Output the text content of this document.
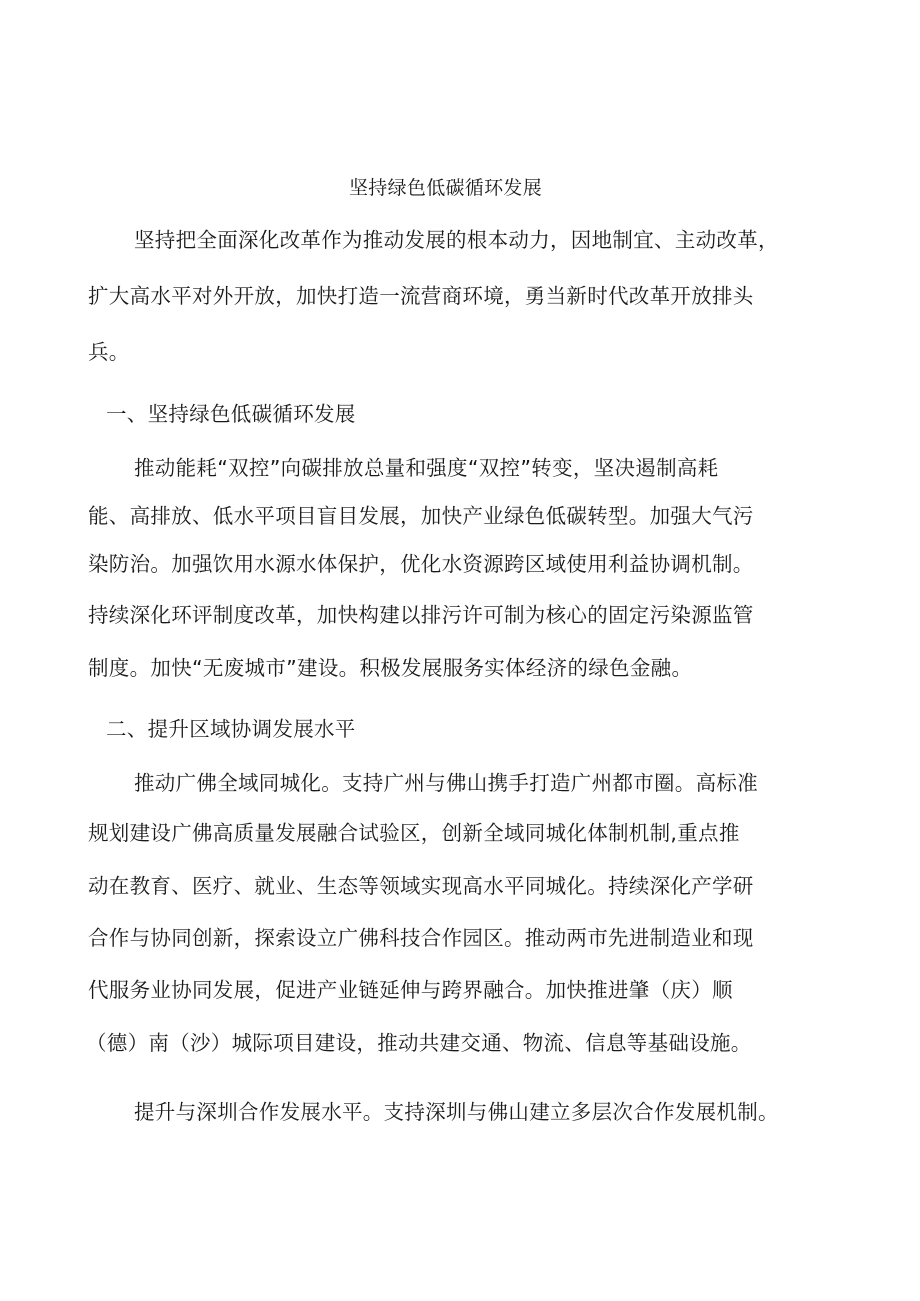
坚持绿色低碳循环发展
坚持把全面深化改革作为推动发展的根本动力，因地制宜、主动改革，
扩大高水平对外开放，加快打造一流营商环境，勇当新时代改革开放排头
兵。
一、坚持绿色低碳循环发展
推动能耗“双控”向碳排放总量和强度“双控”转变，坚决遏制高耗
能、高排放、低水平项目盲目发展，加快产业绿色低碳转型。加强大气污
染防治。加强饮用水源水体保护，优化水资源跨区域使用利益协调机制。
持续深化环评制度改革，加快构建以排污许可制为核心的固定污染源监管
制度。加快“无废城市”建设。积极发展服务实体经济的绿色金融。
二、提升区域协调发展水平
推动广佛全域同城化。支持广州与佛山携手打造广州都市圈。高标准
规划建设广佛高质量发展融合试验区，创新全域同城化体制机制,重点推
动在教育、医疗、就业、生态等领域实现高水平同城化。持续深化产学研
合作与协同创新，探索设立广佛科技合作园区。推动两市先进制造业和现
代服务业协同发展，促进产业链延伸与跨界融合。加快推进肇（庆）顺
（德）南（沙）城际项目建设，推动共建交通、物流、信息等基础设施。
提升与深圳合作发展水平。支持深圳与佛山建立多层次合作发展机制。
